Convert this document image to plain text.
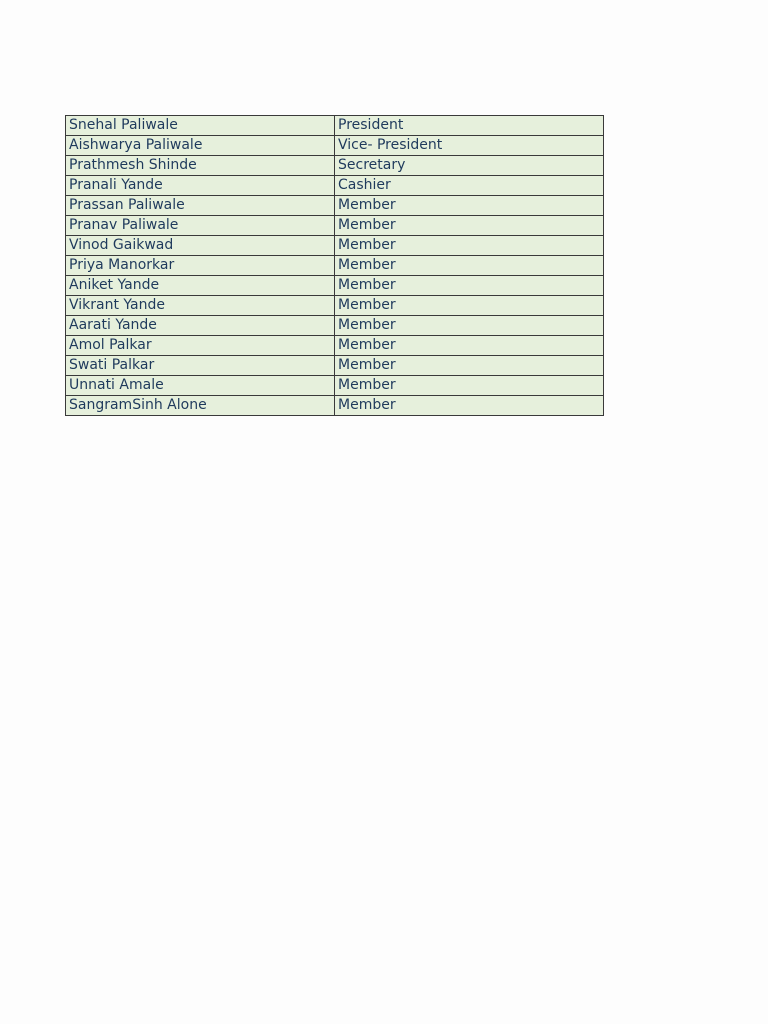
Snehal Paliwale	President
Aishwarya Paliwale	Vice- President
Prathmesh Shinde	Secretary
Pranali Yande	Cashier
Prassan Paliwale	Member
Pranav Paliwale	Member
Vinod Gaikwad	Member
Priya Manorkar	Member
Aniket Yande	Member
Vikrant Yande	Member
Aarati Yande	Member
Amol Palkar	Member
Swati Palkar	Member
Unnati Amale	Member
SangramSinh Alone	Member
